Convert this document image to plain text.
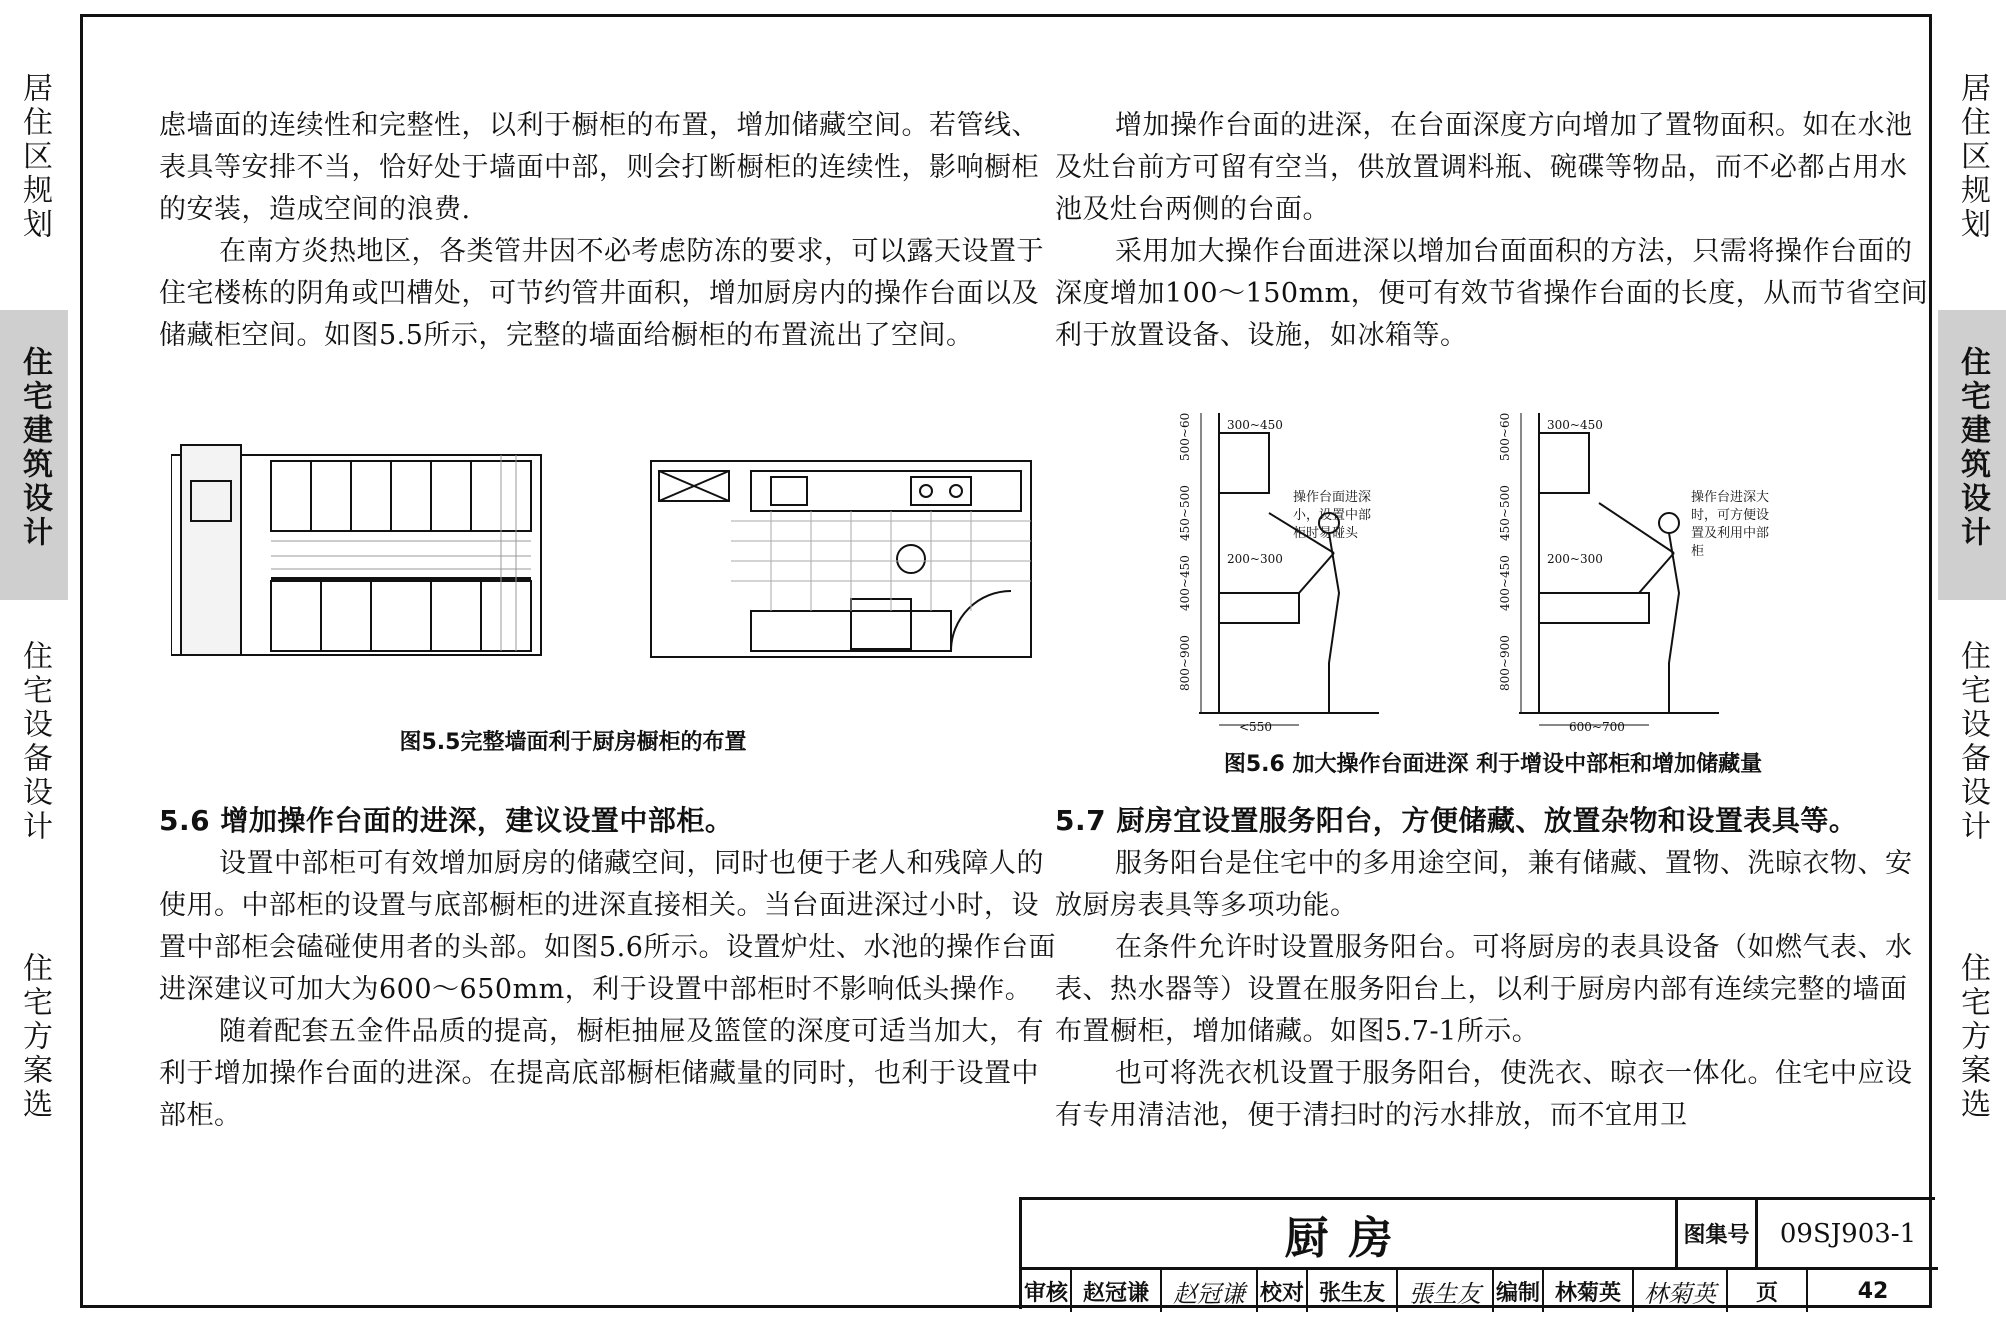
居住区规划
住宅建筑设计
住宅设备设计
住宅方案选
居住区规划
住宅建筑设计
住宅设备设计
住宅方案选

虑墙面的连续性和完整性，以利于橱柜的布置，增加储藏空间。若管线、表具等安排不当，恰好处于墙面中部，则会打断橱柜的连续性，影响橱柜的安装，造成空间的浪费.

在南方炎热地区，各类管井因不必考虑防冻的要求，可以露天设置于住宅楼栋的阴角或凹槽处，可节约管井面积，增加厨房内的操作台面以及储藏柜空间。如图5.5所示，完整的墙面给橱柜的布置流出了空间。

图5.5完整墙面利于厨房橱柜的布置

5.6 增加操作台面的进深，建议设置中部柜。

设置中部柜可有效增加厨房的储藏空间，同时也便于老人和残障人的使用。中部柜的设置与底部橱柜的进深直接相关。当台面进深过小时，设置中部柜会磕碰使用者的头部。如图5.6所示。设置炉灶、水池的操作台面进深建议可加大为600～650mm，利于设置中部柜时不影响低头操作。

随着配套五金件品质的提高，橱柜抽屉及篮筐的深度可适当加大，有利于增加操作台面的进深。在提高底部橱柜储藏量的同时，也利于设置中部柜。

增加操作台面的进深，在台面深度方向增加了置物面积。如在水池及灶台前方可留有空当，供放置调料瓶、碗碟等物品，而不必都占用水池及灶台两侧的台面。

采用加大操作台面进深以增加台面面积的方法，只需将操作台面的深度增加100～150mm，便可有效节省操作台面的长度，从而节省空间利于放置设备、设施，如冰箱等。

500~600
450~500
400~450
800~900
300~450
200~300
<550
500~600
450~500
400~450
800~900
300~450
200~300
600~700
操作台面进深小，设置中部柜时易碰头
操作台进深大时，可方便设置及利用中部柜
图5.6 加大操作台面进深 利于增设中部柜和增加储藏量

5.7 厨房宜设置服务阳台，方便储藏、放置杂物和设置表具等。

服务阳台是住宅中的多用途空间，兼有储藏、置物、洗晾衣物、安放厨房表具等多项功能。

在条件允许时设置服务阳台。可将厨房的表具设备（如燃气表、水表、热水器等）设置在服务阳台上，以利于厨房内部有连续完整的墙面布置橱柜，增加储藏。如图5.7-1所示。

也可将洗衣机设置于服务阳台，使洗衣、晾衣一体化。住宅中应设有专用清洁池，便于清扫时的污水排放，而不宜用卫

厨房	图集号	09SJ903-1
审核 赵冠谦	赵冠谦 校对 张生友	張生友 编制 林菊英 林菊英	页	42
